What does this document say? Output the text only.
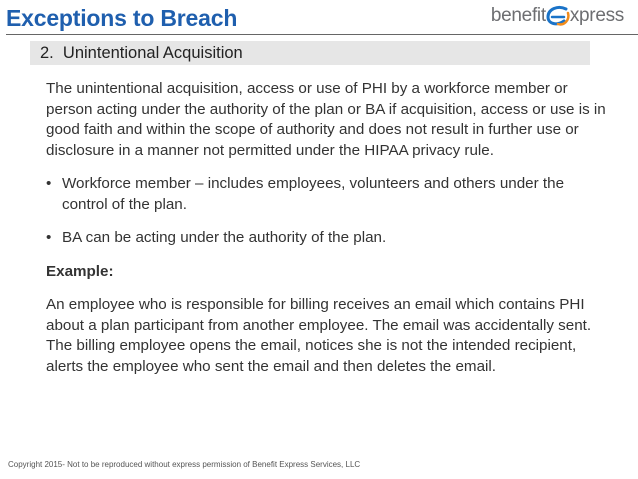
Exceptions to Breach	benefit xpress
2.  Unintentional Acquisition

The unintentional acquisition, access or use of PHI by a workforce member or person acting under the authority of the plan or BA if acquisition, access or use is in good faith and within the scope of authority and does not result in further use or disclosure in a manner not permitted under the HIPAA privacy rule.

• Workforce member – includes employees, volunteers and others under the control of the plan.
• BA can be acting under the authority of the plan.

Example:

An employee who is responsible for billing receives an email which contains PHI about a plan participant from another employee. The email was accidentally sent. The billing employee opens the email, notices she is not the intended recipient, alerts the employee who sent the email and then deletes the email.

Copyright 2015- Not to be reproduced without express permission of Benefit Express Services, LLC
